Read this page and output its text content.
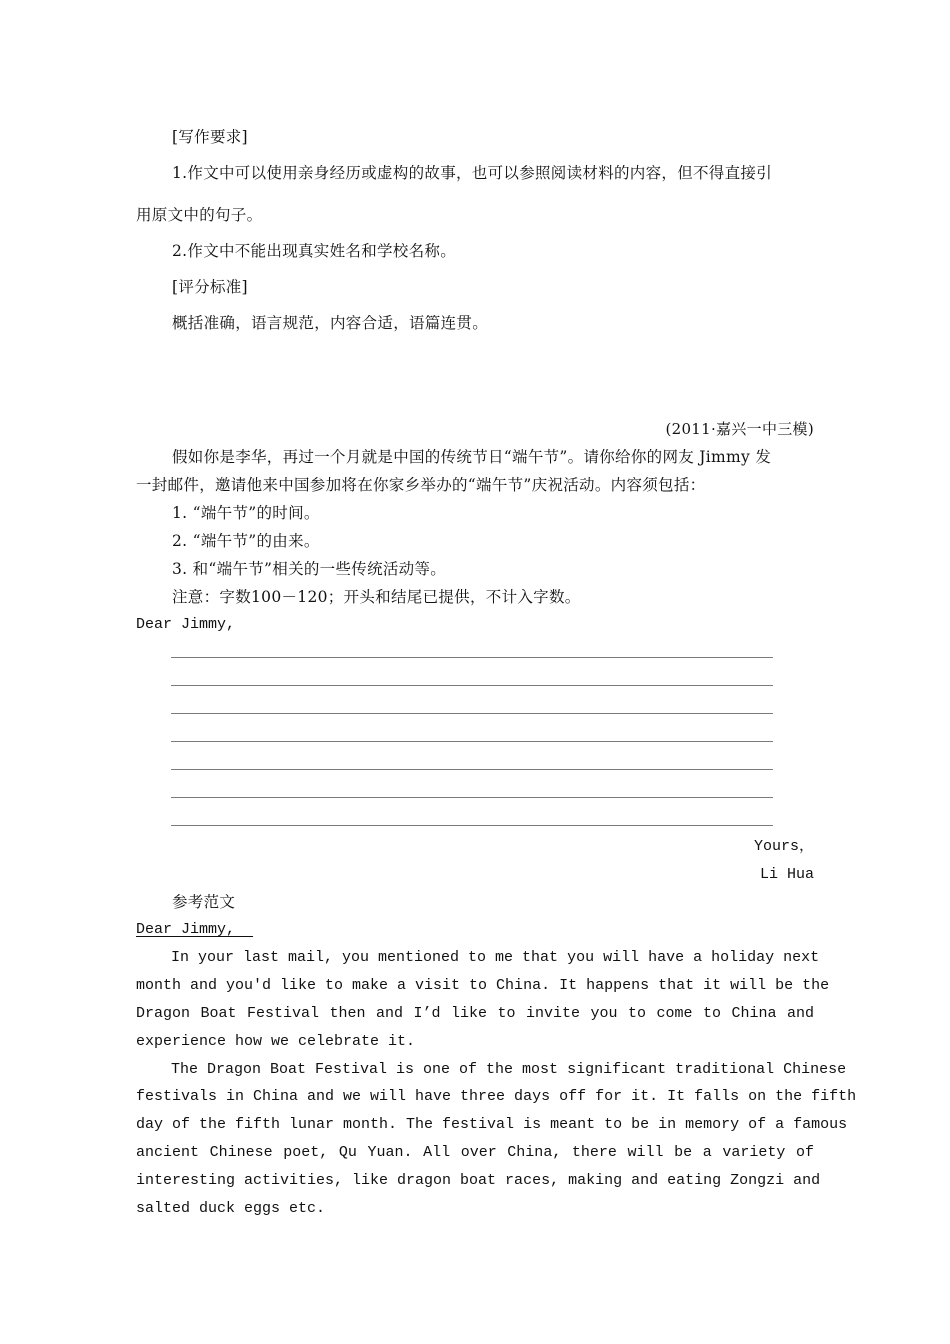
[写作要求]
1.作文中可以使用亲身经历或虚构的故事，也可以参照阅读材料的内容，但不得直接引
用原文中的句子。
2.作文中不能出现真实姓名和学校名称。
[评分标准]
概括准确，语言规范，内容合适，语篇连贯。
(2011·嘉兴一中三模)
假如你是李华，再过一个月就是中国的传统节日“端午节”。请你给你的网友 Jimmy 发
一封邮件，邀请他来中国参加将在你家乡举办的“端午节”庆祝活动。内容须包括：
1. “端午节”的时间。
2. “端午节”的由来。
3. 和“端午节”相关的一些传统活动等。
注意：字数100－120；开头和结尾已提供，不计入字数。
Dear Jimmy,
Yours，
Li Hua
参考范文
Dear Jimmy,
In your last mail, you mentioned to me that you will have a holiday next
month and you'd like to make a visit to China. It happens that it will be the
Dragon Boat Festival then and I’d like to invite you to come to China and
experience how we celebrate it.
The Dragon Boat Festival is one of the most significant traditional Chinese
festivals in China and we will have three days off for it. It falls on the fifth
day of the fifth lunar month. The festival is meant to be in memory of a famous
ancient Chinese poet, Qu Yuan. All over China, there will be a variety of
interesting activities, like dragon boat races, making and eating Zongzi and
salted duck eggs etc.
